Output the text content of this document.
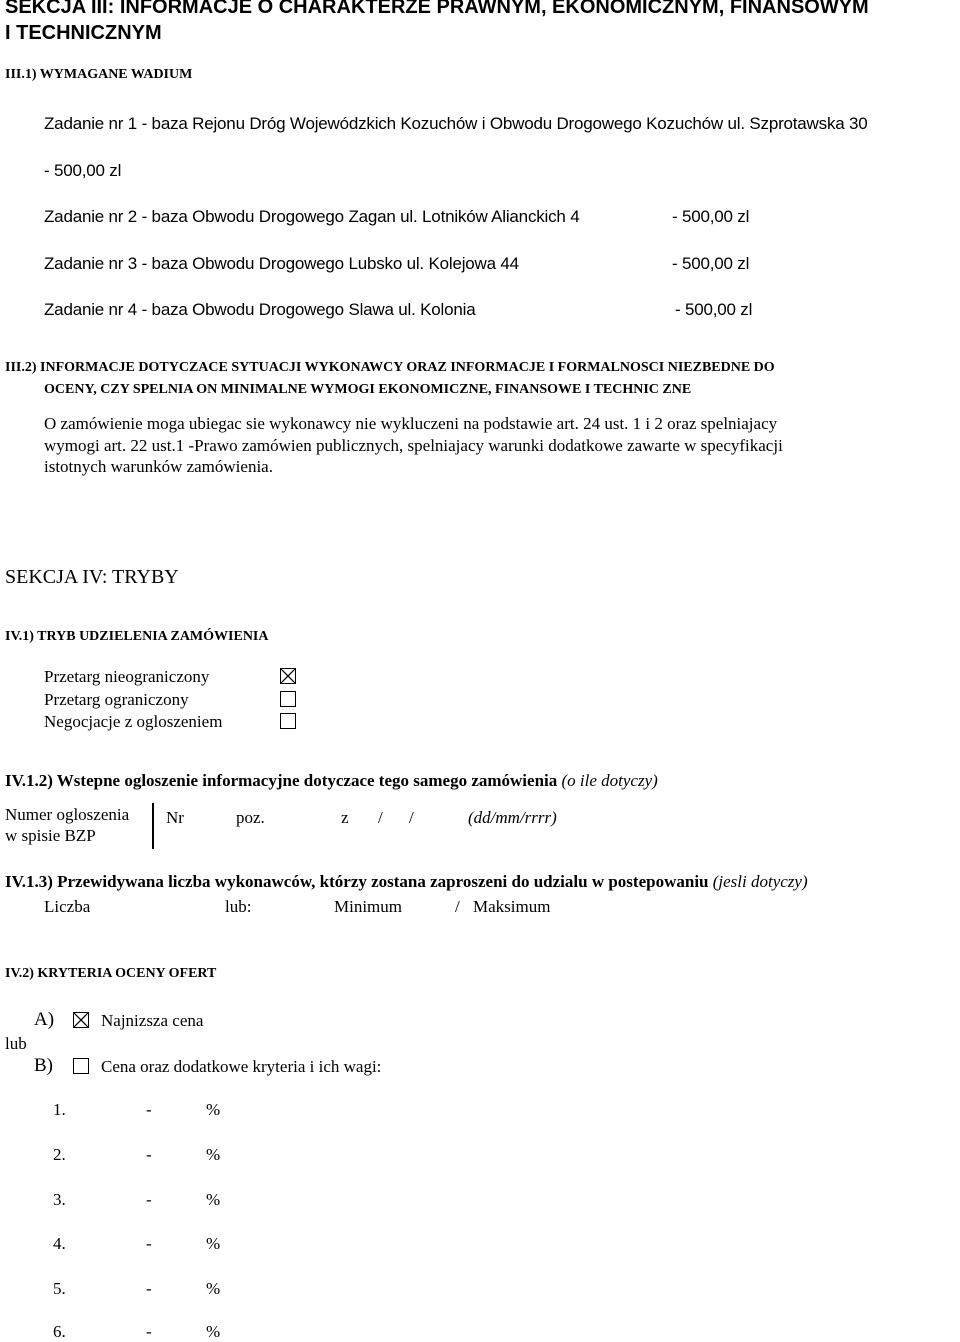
SEKCJA III: INFORMACJE O CHARAKTERZE PRAWNYM, EKONOMICZNYM, FINANSOWYM
I TECHNICZNYM
III.1) WYMAGANE WADIUM
Zadanie nr 1 - baza Rejonu Dróg Wojewódzkich Kozuchów i Obwodu Drogowego Kozuchów ul. Szprotawska 30
- 500,00 zl
Zadanie nr 2 - baza Obwodu Drogowego Zagan ul. Lotników Alianckich 4	- 500,00 zl
Zadanie nr 3 - baza Obwodu Drogowego Lubsko ul. Kolejowa 44	- 500,00 zl
Zadanie nr 4 - baza Obwodu Drogowego Slawa ul. Kolonia	- 500,00 zl
III.2) INFORMACJE DOTYCZACE SYTUACJI WYKONAWCY ORAZ INFORMACJE I FORMALNOSCI NIEZBEDNE DO
OCENY, CZY SPELNIA ON MINIMALNE WYMOGI EKONOMICZNE, FINANSOWE I TECHNIC ZNE
O zamówienie moga ubiegac sie wykonawcy nie wykluczeni na podstawie art. 24 ust. 1 i 2 oraz spelniajacy
wymogi art. 22 ust.1 -Prawo zamówien publicznych, spelniajacy warunki dodatkowe zawarte w specyfikacji
istotnych warunków zamówienia.
SEKCJA IV: TRYBY
IV.1) TRYB UDZIELENIA ZAMÓWIENIA
Przetarg nieograniczony
Przetarg ograniczony
Negocjacje z ogloszeniem
IV.1.2) Wstepne ogloszenie informacyjne dotyczace tego samego zamówienia (o ile dotyczy)
Numer ogloszenia
w spisie BZP
Nr	poz.	z / /	(dd/mm/rrrr)
IV.1.3) Przewidywana liczba wykonawców, którzy zostana zaproszeni do udzialu w postepowaniu (jesli dotyczy)
Liczba	lub:	Minimum	/ Maksimum
IV.2) KRYTERIA OCENY OFERT
A)	Najnizsza cena
lub
B)	Cena oraz dodatkowe kryteria i ich wagi:
1.	-	%
2.	-	%
3.	-	%
4.	-	%
5.	-	%
6.	-	%
